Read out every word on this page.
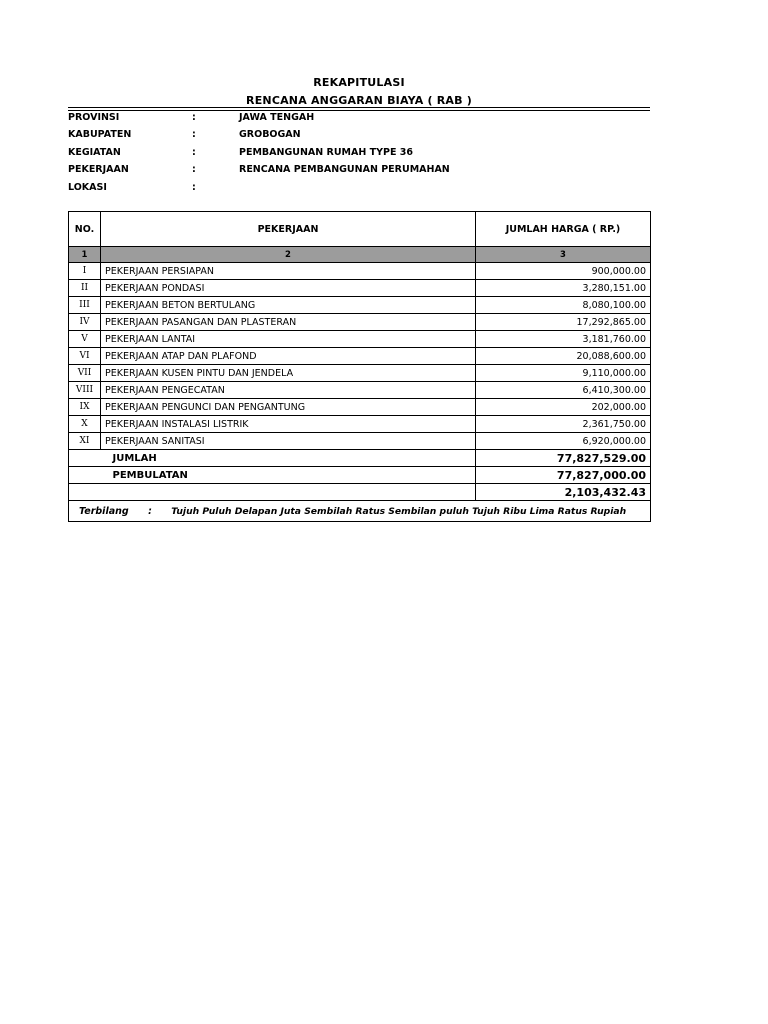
REKAPITULASI
RENCANA ANGGARAN BIAYA ( RAB )
PROVINSI	:	JAWA TENGAH
KABUPATEN	:	GROBOGAN
KEGIATAN	:	PEMBANGUNAN RUMAH TYPE 36
PEKERJAAN	:	RENCANA PEMBANGUNAN PERUMAHAN
LOKASI	:
NO.	PEKERJAAN	JUMLAH HARGA ( RP.)
1	2	3
I	PEKERJAAN PERSIAPAN	900,000.00
II	PEKERJAAN PONDASI	3,280,151.00
III	PEKERJAAN BETON BERTULANG	8,080,100.00
IV	PEKERJAAN PASANGAN DAN PLASTERAN	17,292,865.00
V	PEKERJAAN LANTAI	3,181,760.00
VI	PEKERJAAN ATAP DAN PLAFOND	20,088,600.00
VII	PEKERJAAN KUSEN PINTU DAN JENDELA	9,110,000.00
VIII	PEKERJAAN PENGECATAN	6,410,300.00
IX	PEKERJAAN PENGUNCI DAN PENGANTUNG	202,000.00
X	PEKERJAAN INSTALASI LISTRIK	2,361,750.00
XI	PEKERJAAN SANITASI	6,920,000.00
	JUMLAH	77,827,529.00
	PEMBULATAN	77,827,000.00
		2,103,432.43
Terbilang : Tujuh Puluh Delapan Juta Sembilah Ratus Sembilan puluh Tujuh Ribu Lima Ratus Rupiah		
